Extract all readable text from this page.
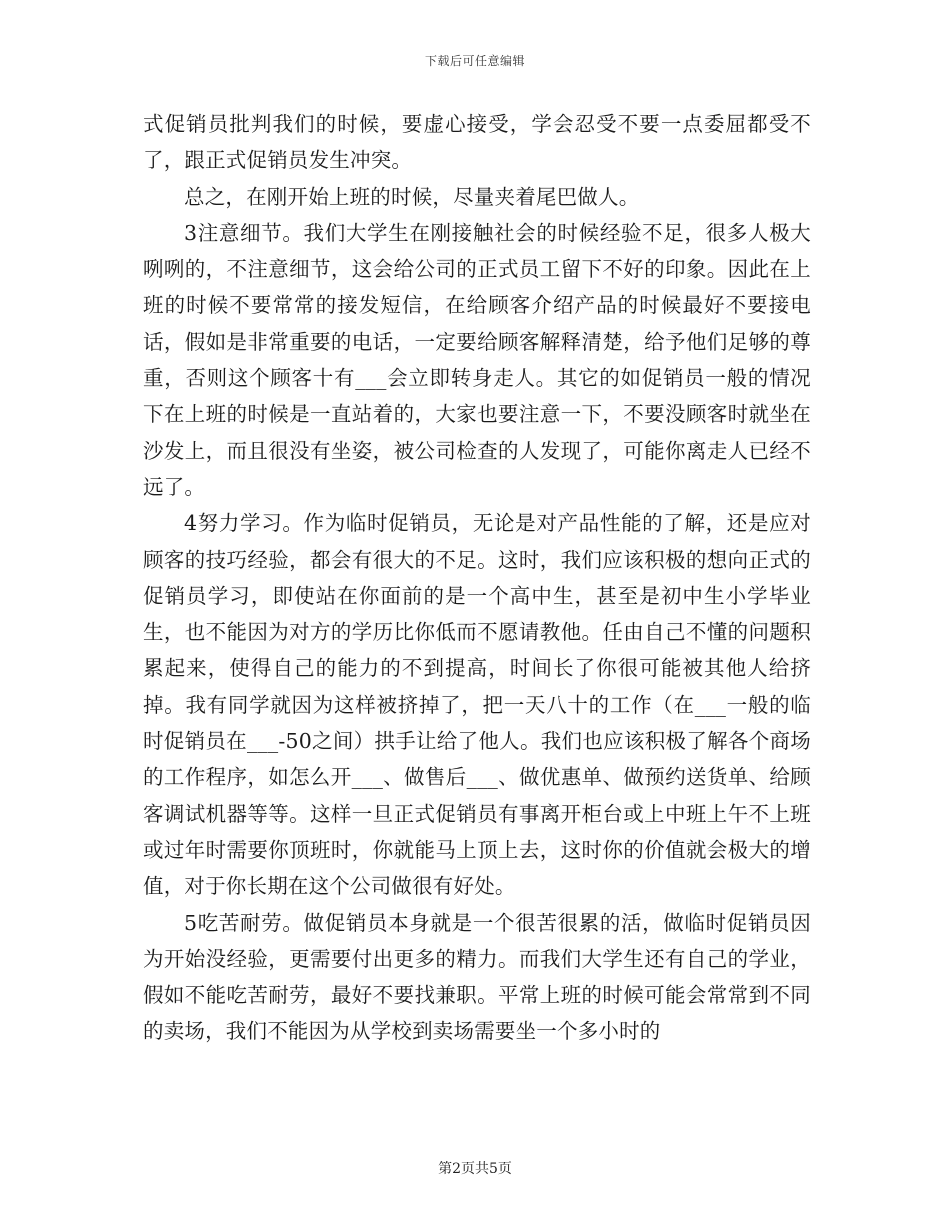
下载后可任意编辑

式促销员批判我们的时候，要虚心接受，学会忍受不要一点委屈都受不了，跟正式促销员发生冲突。

总之，在刚开始上班的时候，尽量夹着尾巴做人。

3注意细节。我们大学生在刚接触社会的时候经验不足，很多人极大咧咧的，不注意细节，这会给公司的正式员工留下不好的印象。因此在上班的时候不要常常的接发短信，在给顾客介绍产品的时候最好不要接电话，假如是非常重要的电话，一定要给顾客解释清楚，给予他们足够的尊重，否则这个顾客十有___会立即转身走人。其它的如促销员一般的情况下在上班的时候是一直站着的，大家也要注意一下，不要没顾客时就坐在沙发上，而且很没有坐姿，被公司检查的人发现了，可能你离走人已经不远了。

4努力学习。作为临时促销员，无论是对产品性能的了解，还是应对顾客的技巧经验，都会有很大的不足。这时，我们应该积极的想向正式的促销员学习，即使站在你面前的是一个高中生，甚至是初中生小学毕业生，也不能因为对方的学历比你低而不愿请教他。任由自己不懂的问题积累起来，使得自己的能力的不到提高，时间长了你很可能被其他人给挤掉。我有同学就因为这样被挤掉了，把一天八十的工作（在___一般的临时促销员在___-50之间）拱手让给了他人。我们也应该积极了解各个商场的工作程序，如怎么开___、做售后___、做优惠单、做预约送货单、给顾客调试机器等等。这样一旦正式促销员有事离开柜台或上中班上午不上班或过年时需要你顶班时，你就能马上顶上去，这时你的价值就会极大的增值，对于你长期在这个公司做很有好处。

5吃苦耐劳。做促销员本身就是一个很苦很累的活，做临时促销员因为开始没经验，更需要付出更多的精力。而我们大学生还有自己的学业，假如不能吃苦耐劳，最好不要找兼职。平常上班的时候可能会常常到不同的卖场，我们不能因为从学校到卖场需要坐一个多小时的

第2页共5页
